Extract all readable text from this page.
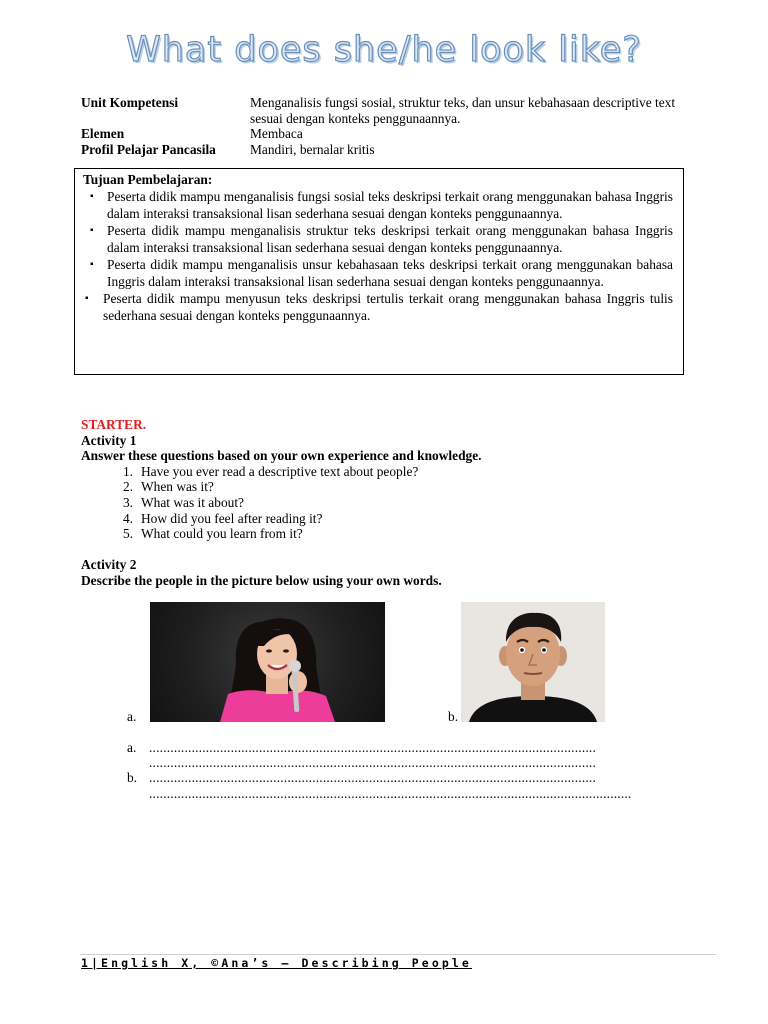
What does she/he look like?
Unit Kompetensi	Menganalisis fungsi sosial, struktur teks, dan unsur kebahasaan descriptive text sesuai dengan konteks penggunaannya.
Elemen	Membaca
Profil Pelajar Pancasila	Mandiri, bernalar kritis
Tujuan Pembelajaran:
▪ Peserta didik mampu menganalisis fungsi sosial teks deskripsi terkait orang menggunakan bahasa Inggris dalam interaksi transaksional lisan sederhana sesuai dengan konteks penggunaannya.
▪ Peserta didik mampu menganalisis struktur teks deskripsi terkait orang menggunakan bahasa Inggris dalam interaksi transaksional lisan sederhana sesuai dengan konteks penggunaannya.
▪ Peserta didik mampu menganalisis unsur kebahasaan teks deskripsi terkait orang menggunakan bahasa Inggris dalam interaksi transaksional lisan sederhana sesuai dengan konteks penggunaannya.
▪ Peserta didik mampu menyusun teks deskripsi tertulis terkait orang menggunakan bahasa Inggris tulis sederhana sesuai dengan konteks penggunaannya.
STARTER.
Activity 1
Answer these questions based on your own experience and knowledge.
1. Have you ever read a descriptive text about people?
2. When was it?
3. What was it about?
4. How did you feel after reading it?
5. What could you learn from it?
Activity 2
Describe the people in the picture below using your own words.
a.	b.
a. ..............................................................................................................................
..............................................................................................................................
b. ..............................................................................................................................
........................................................................................................................................
1|English X, ©Ana’s – Describing People
